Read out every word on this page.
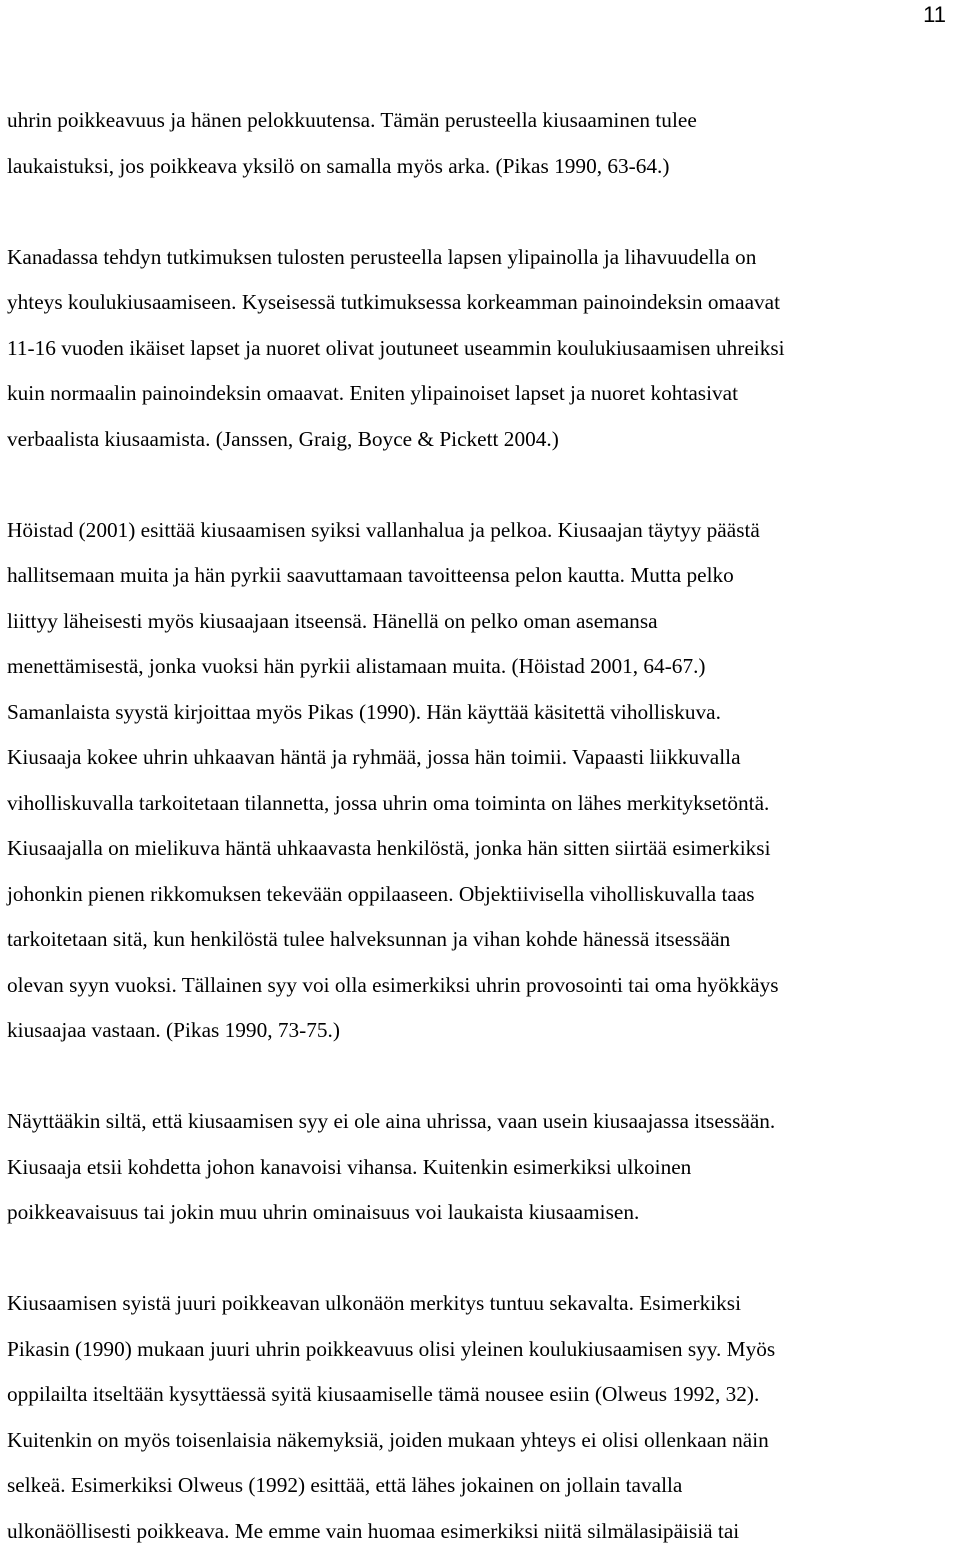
11
uhrin poikkeavuus ja hänen pelokkuutensa. Tämän perusteella kiusaaminen tulee
laukaistuksi, jos poikkeava yksilö on samalla myös arka. (Pikas 1990, 63-64.)
Kanadassa tehdyn tutkimuksen tulosten perusteella lapsen ylipainolla ja lihavuudella on
yhteys koulukiusaamiseen. Kyseisessä tutkimuksessa korkeamman painoindeksin omaavat
11-16 vuoden ikäiset lapset ja nuoret olivat joutuneet useammin koulukiusaamisen uhreiksi
kuin normaalin painoindeksin omaavat. Eniten ylipainoiset lapset ja nuoret kohtasivat
verbaalista kiusaamista. (Janssen, Graig, Boyce & Pickett 2004.)
Höistad (2001) esittää kiusaamisen syiksi vallanhalua ja pelkoa. Kiusaajan täytyy päästä
hallitsemaan muita ja hän pyrkii saavuttamaan tavoitteensa pelon kautta. Mutta pelko
liittyy läheisesti myös kiusaajaan itseensä. Hänellä on pelko oman asemansa
menettämisestä, jonka vuoksi hän pyrkii alistamaan muita. (Höistad 2001, 64-67.)
Samanlaista syystä kirjoittaa myös Pikas (1990). Hän käyttää käsitettä viholliskuva.
Kiusaaja kokee uhrin uhkaavan häntä ja ryhmää, jossa hän toimii. Vapaasti liikkuvalla
viholliskuvalla tarkoitetaan tilannetta, jossa uhrin oma toiminta on lähes merkityksetöntä.
Kiusaajalla on mielikuva häntä uhkaavasta henkilöstä, jonka hän sitten siirtää esimerkiksi
johonkin pienen rikkomuksen tekevään oppilaaseen. Objektiivisella viholliskuvalla taas
tarkoitetaan sitä, kun henkilöstä tulee halveksunnan ja vihan kohde hänessä itsessään
olevan syyn vuoksi. Tällainen syy voi olla esimerkiksi uhrin provosointi tai oma hyökkäys
kiusaajaa vastaan. (Pikas 1990, 73-75.)
Näyttääkin siltä, että kiusaamisen syy ei ole aina uhrissa, vaan usein kiusaajassa itsessään.
Kiusaaja etsii kohdetta johon kanavoisi vihansa. Kuitenkin esimerkiksi ulkoinen
poikkeavaisuus tai jokin muu uhrin ominaisuus voi laukaista kiusaamisen.
Kiusaamisen syistä juuri poikkeavan ulkonäön merkitys tuntuu sekavalta. Esimerkiksi
Pikasin (1990) mukaan juuri uhrin poikkeavuus olisi yleinen koulukiusaamisen syy. Myös
oppilailta itseltään kysyttäessä syitä kiusaamiselle tämä nousee esiin (Olweus 1992, 32).
Kuitenkin on myös toisenlaisia näkemyksiä, joiden mukaan yhteys ei olisi ollenkaan näin
selkeä. Esimerkiksi Olweus (1992) esittää, että lähes jokainen on jollain tavalla
ulkonäöllisesti poikkeava. Me emme vain huomaa esimerkiksi niitä silmälasipäisiä tai
